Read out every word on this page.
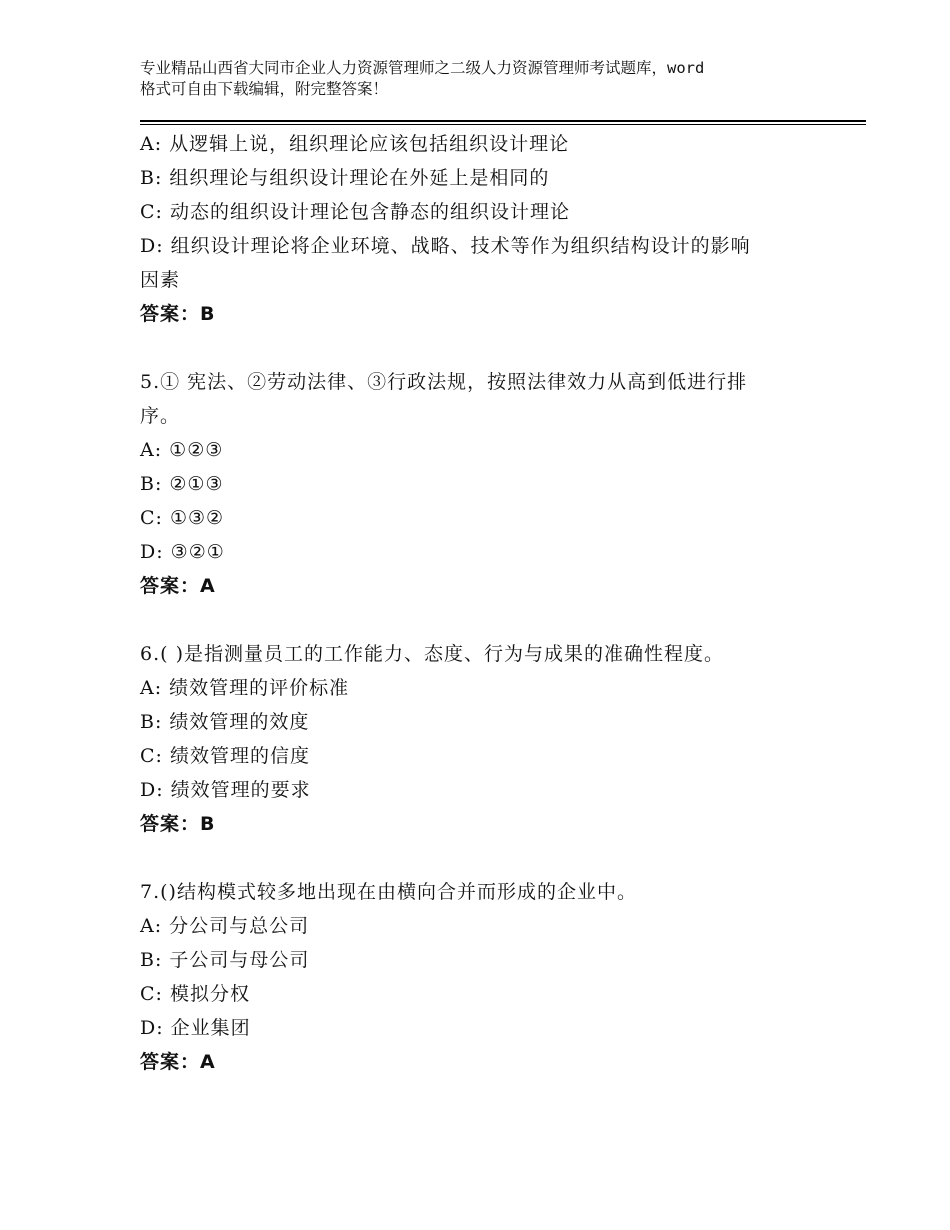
专业精品山西省大同市企业人力资源管理师之二级人力资源管理师考试题库，word
格式可自由下载编辑，附完整答案！
A: 从逻辑上说，组织理论应该包括组织设计理论
B: 组织理论与组织设计理论在外延上是相同的
C: 动态的组织设计理论包含静态的组织设计理论
D: 组织设计理论将企业环境、战略、技术等作为组织结构设计的影响
因素
答案：B
5.① 宪法、②劳动法律、③行政法规，按照法律效力从高到低进行排
序。
A: ①②③
B: ②①③
C: ①③②
D: ③②①
答案：A
6.( )是指测量员工的工作能力、态度、行为与成果的准确性程度。
A: 绩效管理的评价标准
B: 绩效管理的效度
C: 绩效管理的信度
D: 绩效管理的要求
答案：B
7.()结构模式较多地出现在由横向合并而形成的企业中。
A: 分公司与总公司
B: 子公司与母公司
C: 模拟分权
D: 企业集团
答案：A
